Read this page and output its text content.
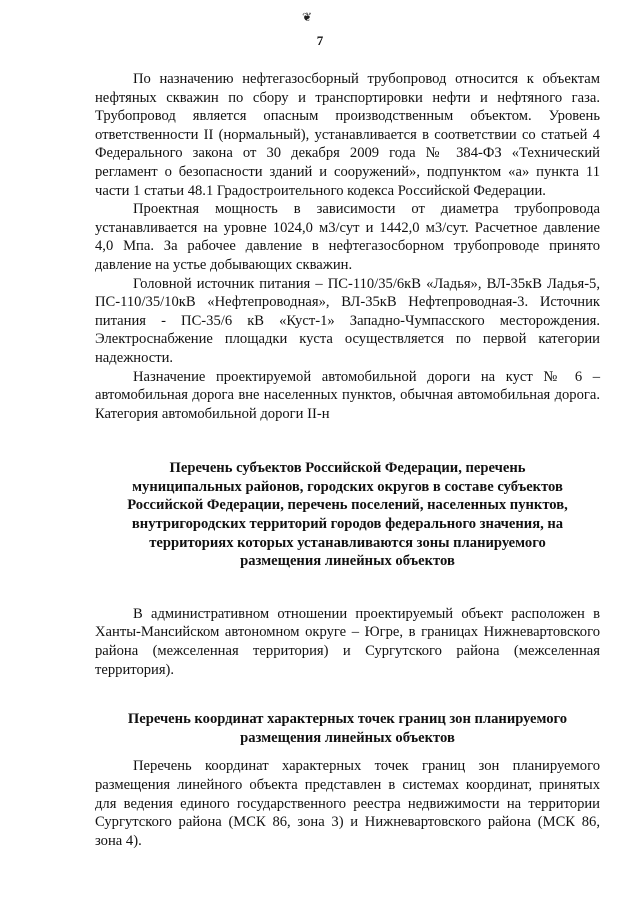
❦
7

По назначению нефтегазосборный трубопровод относится к объектам нефтяных скважин по сбору и транспортировки нефти и нефтяного газа. Трубопровод является опасным производственным объектом. Уровень ответственности II (нормальный), устанавливается в соответствии со статьей 4 Федерального закона от 30 декабря 2009 года № 384-ФЗ «Технический регламент о безопасности зданий и сооружений», подпунктом «а» пункта 11 части 1 статьи 48.1 Градостроительного кодекса Российской Федерации.

Проектная мощность в зависимости от диаметра трубопровода устанавливается на уровне 1024,0 м3/сут и 1442,0 м3/сут. Расчетное давление 4,0 Мпа. За рабочее давление в нефтегазосборном трубопроводе принято давление на устье добывающих скважин.

Головной источник питания – ПС-110/35/6кВ «Ладья», ВЛ-35кВ Ладья-5, ПС-110/35/10кВ «Нефтепроводная», ВЛ-35кВ Нефтепроводная-3. Источник питания - ПС-35/6 кВ «Куст-1» Западно-Чумпасского месторождения. Электроснабжение площадки куста осуществляется по первой категории надежности.

Назначение проектируемой автомобильной дороги на куст № 6 – автомобильная дорога вне населенных пунктов, обычная автомобильная дорога. Категория автомобильной дороги II-н

Перечень субъектов Российской Федерации, перечень муниципальных районов, городских округов в составе субъектов Российской Федерации, перечень поселений, населенных пунктов, внутригородских территорий городов федерального значения, на территориях которых устанавливаются зоны планируемого размещения линейных объектов

В административном отношении проектируемый объект расположен в Ханты-Мансийском автономном округе – Югре, в границах Нижневартовского района (межселенная территория) и Сургутского района (межселенная территория).

Перечень координат характерных точек границ зон планируемого размещения линейных объектов

Перечень координат характерных точек границ зон планируемого размещения линейного объекта представлен в системах координат, принятых для ведения единого государственного реестра недвижимости на территории Сургутского района (МСК 86, зона 3) и Нижневартовского района (МСК 86, зона 4).
